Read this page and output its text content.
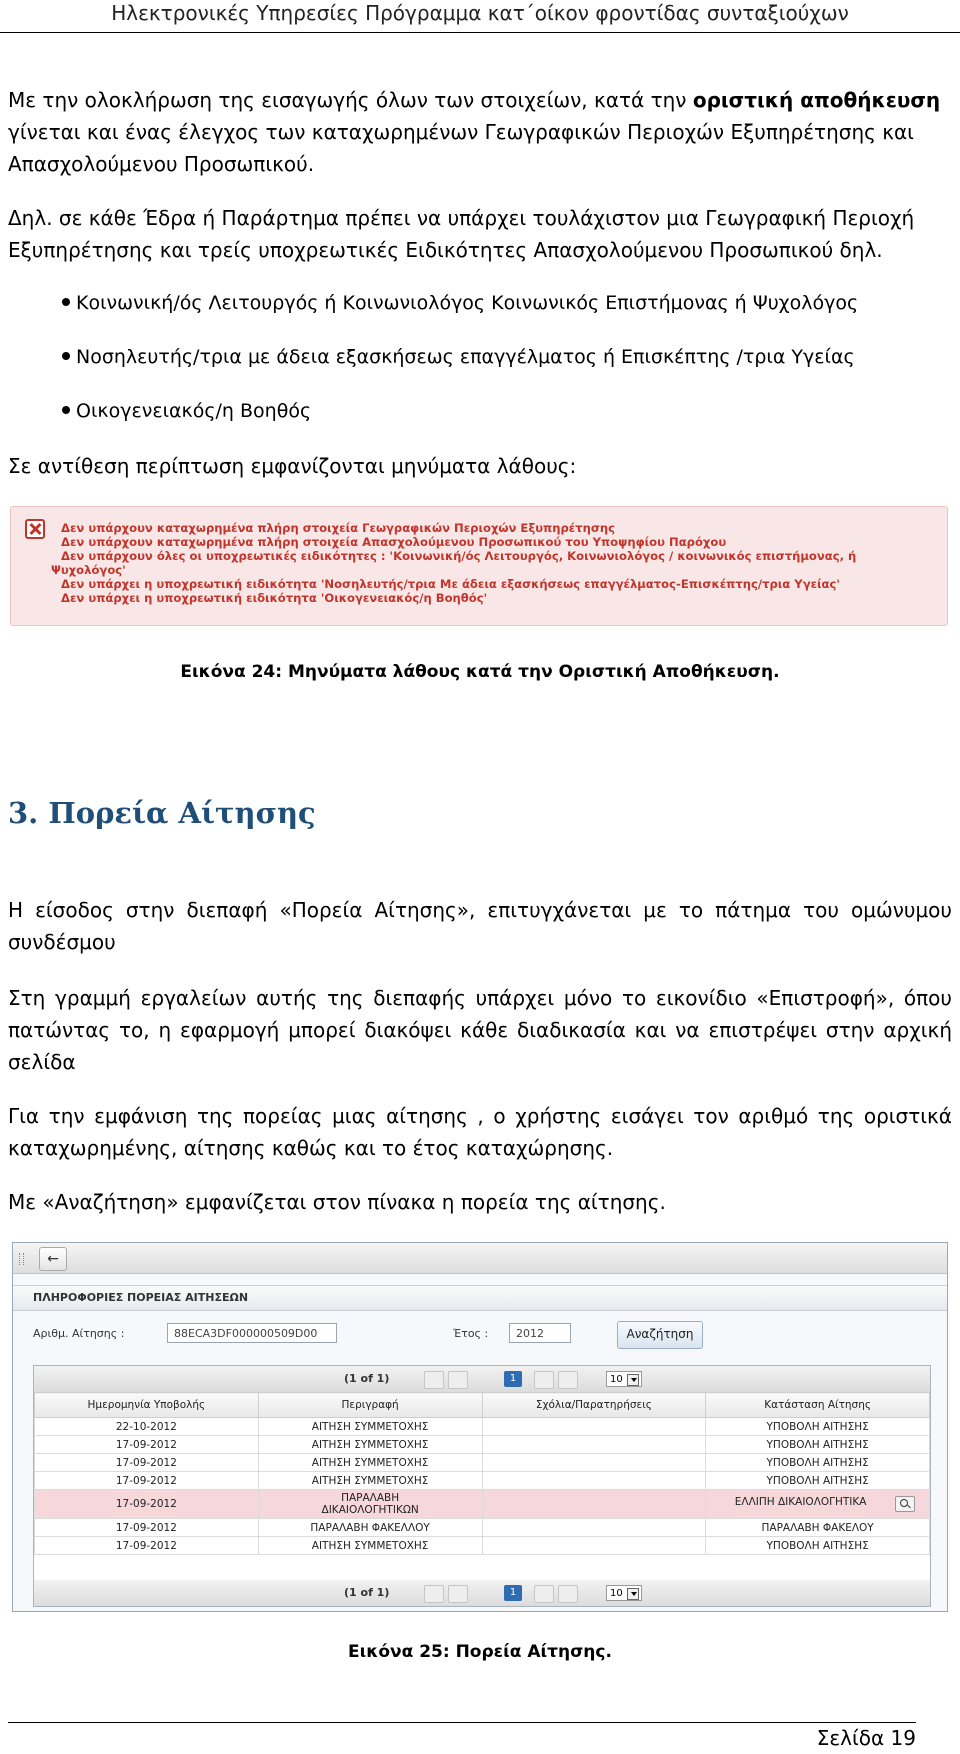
Ηλεκτρονικές Υπηρεσίες Πρόγραμμα κατ΄οίκον φροντίδας συνταξιούχων

Με την ολοκλήρωση της εισαγωγής όλων των στοιχείων, κατά την οριστική αποθήκευση
γίνεται και ένας έλεγχος των καταχωρημένων Γεωγραφικών Περιοχών Εξυπηρέτησης και
Απασχολούμενου Προσωπικού.

Δηλ. σε κάθε Έδρα ή Παράρτημα πρέπει να υπάρχει τουλάχιστον μια Γεωγραφική Περιοχή
Εξυπηρέτησης και τρείς υποχρεωτικές Ειδικότητες Απασχολούμενου Προσωπικού δηλ.

Κοινωνική/ός Λειτουργός ή Κοινωνιολόγος Κοινωνικός Επιστήμονας ή Ψυχολόγος

Νοσηλευτής/τρια με άδεια εξασκήσεως επαγγέλματος ή Επισκέπτης /τρια Υγείας

Οικογενειακός/η Βοηθός

Σε αντίθεση περίπτωση εμφανίζονται μηνύματα λάθους:

Δεν υπάρχουν καταχωρημένα πλήρη στοιχεία Γεωγραφικών Περιοχών Εξυπηρέτησης
Δεν υπάρχουν καταχωρημένα πλήρη στοιχεία Απασχολούμενου Προσωπικού του Υποψηφίου Παρόχου
Δεν υπάρχουν όλες οι υποχρεωτικές ειδικότητες : 'Κοινωνική/ός Λειτουργός, Κοινωνιολόγος / κοινωνικός επιστήμονας, ή
Ψυχολόγος'
Δεν υπάρχει η υποχρεωτική ειδικότητα 'Νοσηλευτής/τρια Με άδεια εξασκήσεως επαγγέλματος-Επισκέπτης/τρια Υγείας'
Δεν υπάρχει η υποχρεωτική ειδικότητα 'Οικογενειακός/η Βοηθός'

Εικόνα 24: Μηνύματα λάθους κατά την Οριστική Αποθήκευση.

3. Πορεία Αίτησης

Η είσοδος στην διεπαφή «Πορεία Αίτησης», επιτυγχάνεται με το πάτημα του ομώνυμου συνδέσμου

Στη γραμμή εργαλείων αυτής της διεπαφής υπάρχει μόνο το εικονίδιο «Επιστροφή», όπου πατώντας το, η εφαρμογή μπορεί διακόψει κάθε διαδικασία και να επιστρέψει στην αρχική σελίδα

Για την εμφάνιση της πορείας μιας αίτησης , ο χρήστης εισάγει τον αριθμό της οριστικά καταχωρημένης, αίτησης καθώς και το έτος καταχώρησης.

Με «Αναζήτηση» εμφανίζεται στον πίνακα η πορεία της αίτησης.

←
ΠΛΗΡΟΦΟΡΙΕΣ ΠΟΡΕΙΑΣ ΑΙΤΗΣΕΩΝ
Αριθμ. Αίτησης :	88ECA3DF000000509D00	Έτος :	2012	Αναζήτηση
(1 of 1)	1	10
Ημερομηνία Υποβολής	Περιγραφή	Σχόλια/Παρατηρήσεις	Κατάσταση Αίτησης
22-10-2012	ΑΙΤΗΣΗ ΣΥΜΜΕΤΟΧΗΣ		ΥΠΟΒΟΛΗ ΑΙΤΗΣΗΣ
17-09-2012	ΑΙΤΗΣΗ ΣΥΜΜΕΤΟΧΗΣ		ΥΠΟΒΟΛΗ ΑΙΤΗΣΗΣ
17-09-2012	ΑΙΤΗΣΗ ΣΥΜΜΕΤΟΧΗΣ		ΥΠΟΒΟΛΗ ΑΙΤΗΣΗΣ
17-09-2012	ΑΙΤΗΣΗ ΣΥΜΜΕΤΟΧΗΣ		ΥΠΟΒΟΛΗ ΑΙΤΗΣΗΣ
17-09-2012	ΠΑΡΑΛΑΒΗ ΔΙΚΑΙΟΛΟΓΗΤΙΚΩΝ		ΕΛΛΙΠΗ ΔΙΚΑΙΟΛΟΓΗΤΙΚΑ

17-09-2012	ΠΑΡΑΛΑΒΗ ΦΑΚΕΛΛΟΥ		ΠΑΡΑΛΑΒΗ ΦΑΚΕΛΟΥ
17-09-2012	ΑΙΤΗΣΗ ΣΥΜΜΕΤΟΧΗΣ		ΥΠΟΒΟΛΗ ΑΙΤΗΣΗΣ
(1 of 1)	1	10

Εικόνα 25: Πορεία Αίτησης.

Σελίδα 19
